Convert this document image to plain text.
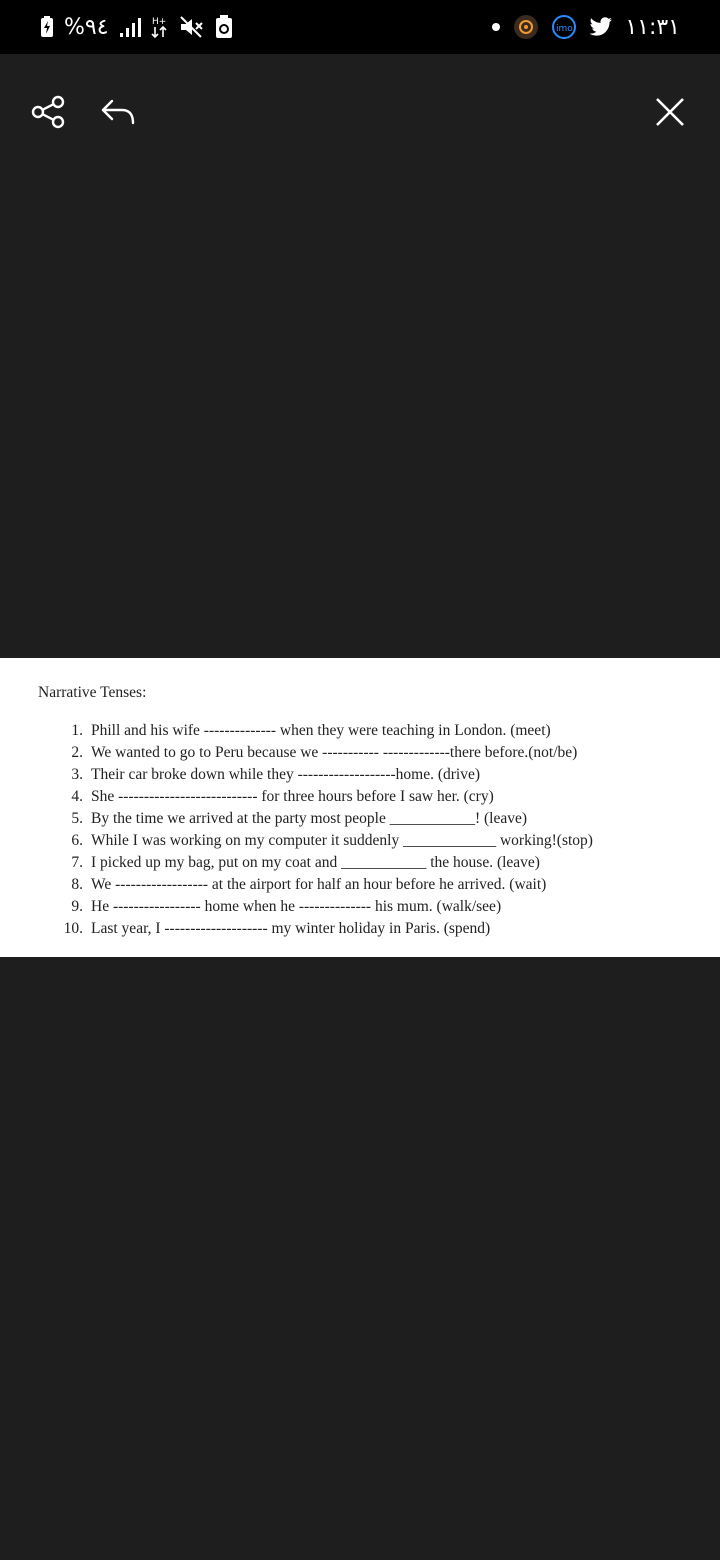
%٩٤	H+
imo ١١:٣١
Narrative Tenses:
1. Phill and his wife -------------- when they were teaching in London. (meet)
2. We wanted to go to Peru because we ----------- -------------there before.(not/be)
3. Their car broke down while they -------------------home. (drive)
4. She --------------------------- for three hours before I saw her. (cry)
5. By the time we arrived at the party most people ___________! (leave)
6. While I was working on my computer it suddenly ____________ working!(stop)
7. I picked up my bag, put on my coat and ___________ the house. (leave)
8. We ------------------ at the airport for half an hour before he arrived. (wait)
9. He ----------------- home when he -------------- his mum. (walk/see)
10. Last year, I -------------------- my winter holiday in Paris. (spend)
